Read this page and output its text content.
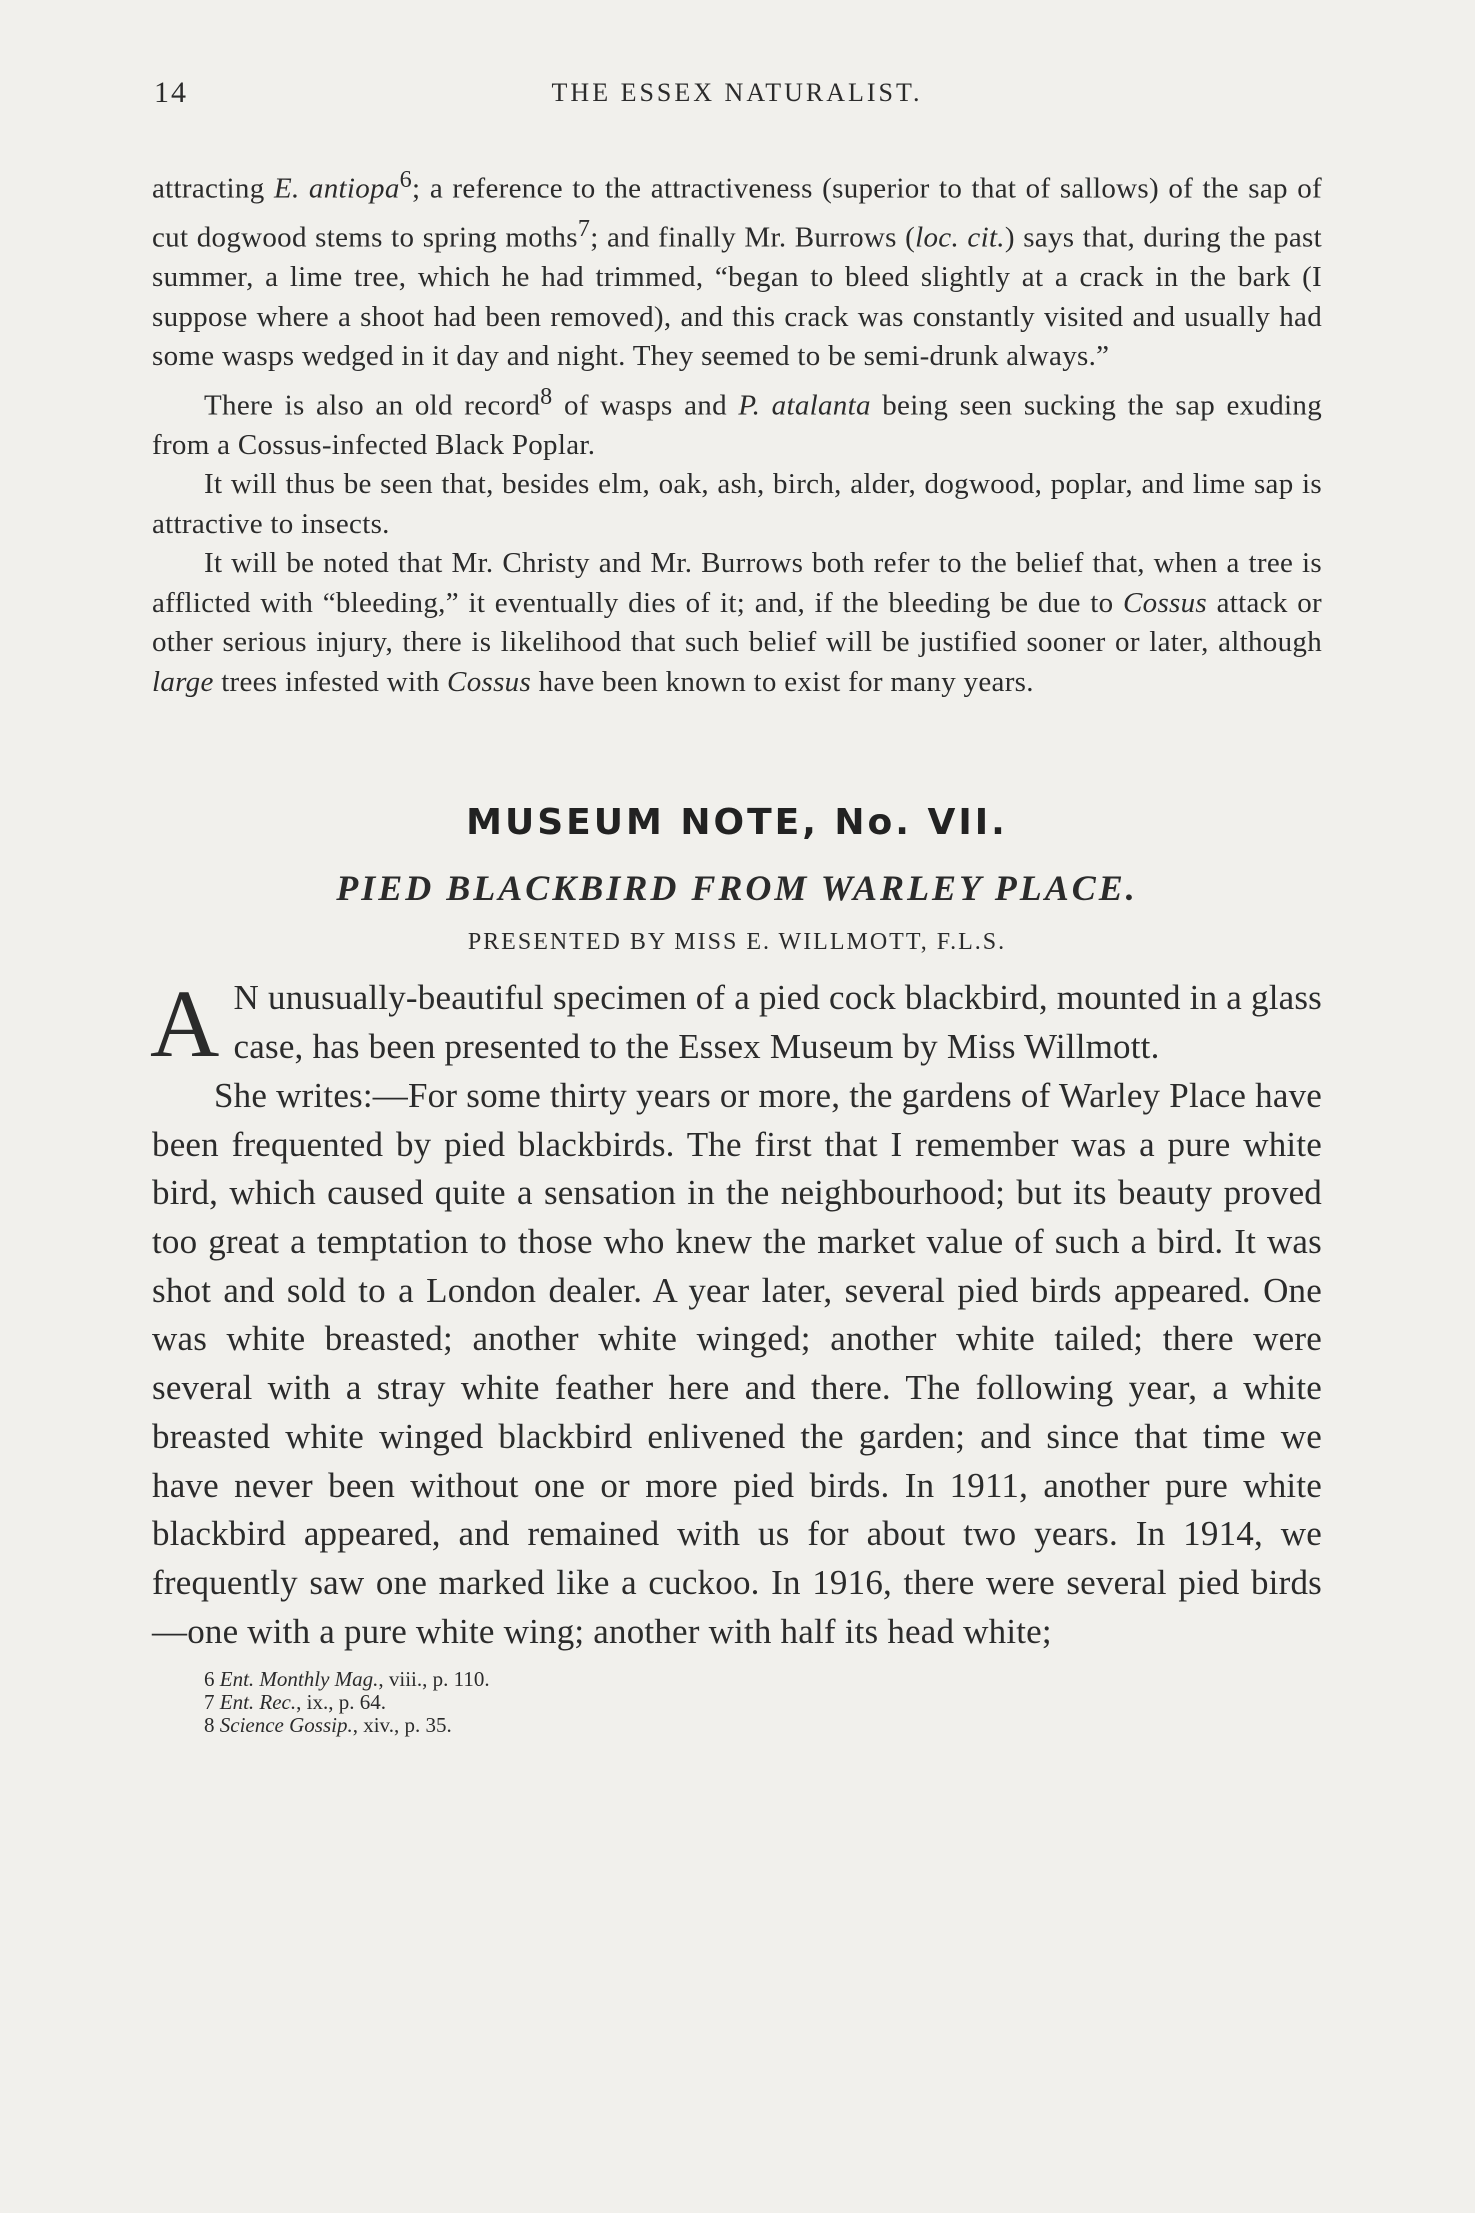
14	THE ESSEX NATURALIST.

attracting E. antiopa$^6$; a reference to the attractiveness (superior to that of sallows) of the sap of cut dogwood stems to spring moths$^7$; and finally Mr. Burrows (loc. cit.) says that, during the past summer, a lime tree, which he had trimmed, “began to bleed slightly at a crack in the bark (I suppose where a shoot had been removed), and this crack was constantly visited and usually had some wasps wedged in it day and night. They seemed to be semi-drunk always.”

There is also an old record$^8$ of wasps and P. atalanta being seen sucking the sap exuding from a Cossus-infected Black Poplar.

It will thus be seen that, besides elm, oak, ash, birch, alder, dogwood, poplar, and lime sap is attractive to insects.

It will be noted that Mr. Christy and Mr. Burrows both refer to the belief that, when a tree is afflicted with “bleeding,” it eventually dies of it; and, if the bleeding be due to Cossus attack or other serious injury, there is likelihood that such belief will be justified sooner or later, although large trees infested with Cossus have been known to exist for many years.

MUSEUM NOTE, No. VII.
PIED BLACKBIRD FROM WARLEY PLACE.
PRESENTED BY MISS E. WILLMOTT, F.L.S.

A N unusually-beautiful specimen of a pied cock blackbird, mounted in a glass case, has been presented to the Essex Museum by Miss Willmott.

She writes:—For some thirty years or more, the gardens of Warley Place have been frequented by pied blackbirds. The first that I remember was a pure white bird, which caused quite a sensation in the neighbourhood; but its beauty proved too great a temptation to those who knew the market value of such a bird. It was shot and sold to a London dealer. A year later, several pied birds appeared. One was white breasted; another white winged; another white tailed; there were several with a stray white feather here and there. The following year, a white breasted white winged blackbird enlivened the garden; and since that time we have never been without one or more pied birds. In 1911, another pure white blackbird appeared, and remained with us for about two years. In 1914, we frequently saw one marked like a cuckoo. In 1916, there were several pied birds—one with a pure white wing; another with half its head white;

6 Ent. Monthly Mag., viii., p. 110.
7 Ent. Rec., ix., p. 64.
8 Science Gossip., xiv., p. 35.
